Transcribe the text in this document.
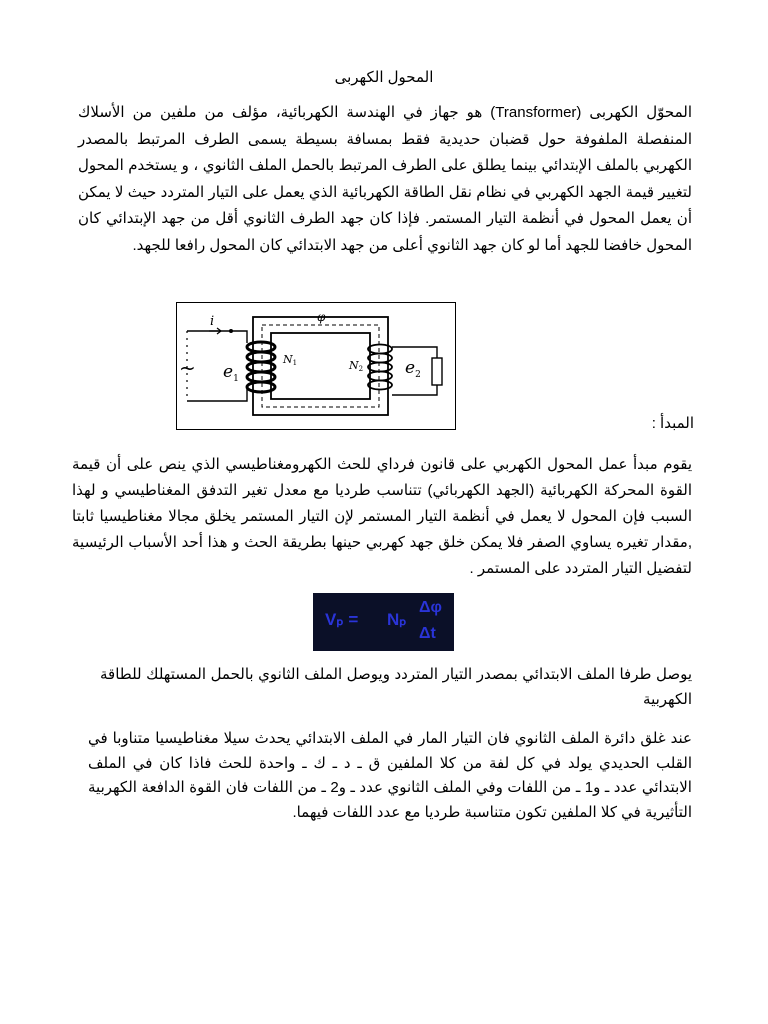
المحول الكهربى

المحوّل الكهربى (Transformer) هو جهاز في الهندسة الكهربائية، مؤلف من ملفين من الأسلاك المنفصلة الملفوفة حول قضبان حديدية فقط بمسافة بسيطة يسمى الطرف المرتبط بالمصدر الكهربي بالملف الإبتدائي بينما يطلق على الطرف المرتبط بالحمل الملف الثانوي ، و يستخدم المحول لتغيير قيمة الجهد الكهربي في نظام نقل الطاقة الكهربائية الذي يعمل على التيار المتردد حيث لا يمكن أن يعمل المحول في أنظمة التيار المستمر. فإذا كان جهد الطرف الثانوي أقل من جهد الإبتدائي كان المحول خافضا للجهد أما لو كان جهد الثانوي أعلى من جهد الابتدائي كان المحول رافعا للجهد.

i	φ
~ $e_1$
N1	N2 $e_2$
المبدأ :

يقوم مبدأ عمل المحول الكهربي على قانون فرداي للحث الكهرومغناطيسي الذي ينص على أن قيمة القوة المحركة الكهربائية (الجهد الكهربائي) تتناسب طرديا مع معدل تغير التدفق المغناطيسي و لهذا السبب فإن المحول لا يعمل في أنظمة التيار المستمر لإن التيار المستمر يخلق مجالا مغناطيسيا ثابتا ,مقدار تغيره يساوي الصفر فلا يمكن خلق جهد كهربي حينها بطريقة الحث و هذا أحد الأسباب الرئيسية لتفضيل التيار المتردد على المستمر .

Vₚ = Nₚ
Δφ
Δt

يوصل طرفا الملف الابتدائي بمصدر التيار المتردد ويوصل الملف الثانوي بالحمل المستهلك للطاقة الكهربية

عند غلق دائرة الملف الثانوي فان التيار المار في الملف الابتدائي يحدث سيلا مغناطيسيا متناوبا في القلب الحديدي يولد في كل لفة من كلا الملفين ق ـ د ـ ك ـ واحدة للحث فاذا كان في الملف الابتدائي عدد ـ و1 ـ من اللفات وفي الملف الثانوي عدد ـ و2 ـ من اللفات فان القوة الدافعة الكهربية التأثيرية في كلا الملفين تكون متناسبة طرديا مع عدد اللفات فيهما.
